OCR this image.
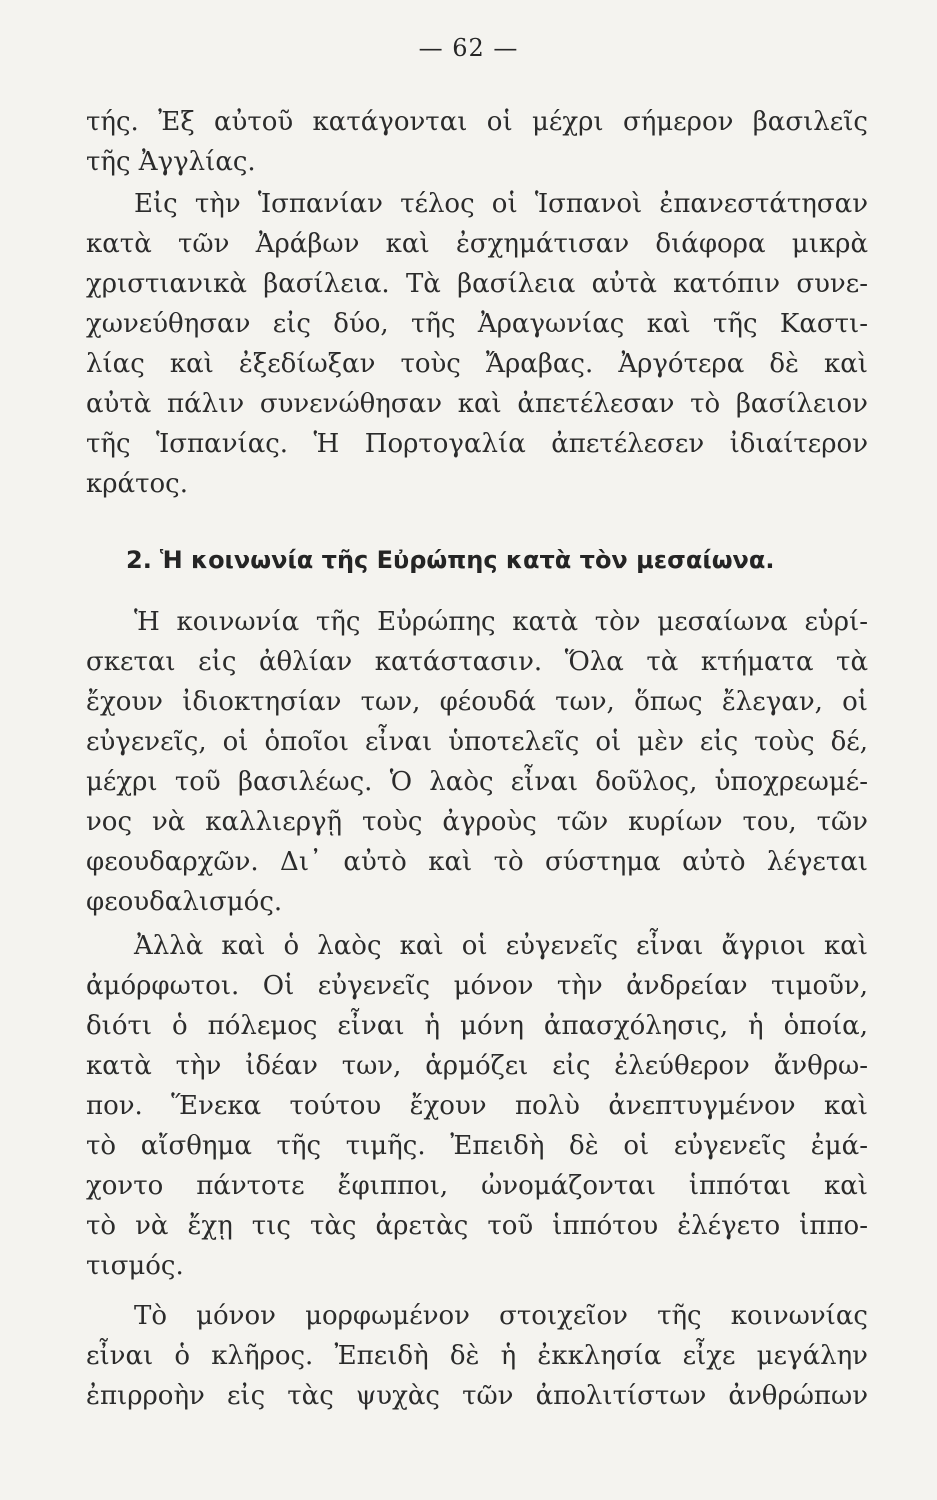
— 62 —
τής. Ἐξ αὐτοῦ κατάγονται οἱ μέχρι σήμερον βασιλεῖς
τῆς Ἀγγλίας.
Εἰς τὴν Ἱσπανίαν τέλος οἱ Ἱσπανοὶ ἐπανεστάτησαν
κατὰ τῶν Ἀράβων καὶ ἐσχημάτισαν διάφορα μικρὰ
χριστιανικὰ βασίλεια. Τὰ βασίλεια αὐτὰ κατόπιν συνε-
χωνεύθησαν εἰς δύο, τῆς Ἀραγωνίας καὶ τῆς Καστι-
λίας καὶ ἐξεδίωξαν τοὺς Ἄραβας. Ἀργότερα δὲ καὶ
αὐτὰ πάλιν συνενώθησαν καὶ ἀπετέλεσαν τὸ βασίλειον
τῆς Ἱσπανίας. Ἡ Πορτογαλία ἀπετέλεσεν ἰδιαίτερον
κράτος.
2. Ἡ κοινωνία τῆς Εὐρώπης κατὰ τὸν μεσαίωνα.
Ἡ κοινωνία τῆς Εὐρώπης κατὰ τὸν μεσαίωνα εὑρί-
σκεται εἰς ἀθλίαν κατάστασιν. Ὅλα τὰ κτήματα τὰ
ἔχουν ἰδιοκτησίαν των, φέουδά των, ὅπως ἔλεγαν, οἱ
εὐγενεῖς, οἱ ὁποῖοι εἶναι ὑποτελεῖς οἱ μὲν εἰς τοὺς δέ,
μέχρι τοῦ βασιλέως. Ὁ λαὸς εἶναι δοῦλος, ὑποχρεωμέ-
νος νὰ καλλιεργῇ τοὺς ἀγροὺς τῶν κυρίων του, τῶν
φεουδαρχῶν. Δι᾽ αὐτὸ καὶ τὸ σύστημα αὐτὸ λέγεται
φεουδαλισμός.
Ἀλλὰ καὶ ὁ λαὸς καὶ οἱ εὐγενεῖς εἶναι ἄγριοι καὶ
ἀμόρφωτοι. Οἱ εὐγενεῖς μόνον τὴν ἀνδρείαν τιμοῦν,
διότι ὁ πόλεμος εἶναι ἡ μόνη ἀπασχόλησις, ἡ ὁποία,
κατὰ τὴν ἰδέαν των, ἁρμόζει εἰς ἐλεύθερον ἄνθρω-
πον. Ἕνεκα τούτου ἔχουν πολὺ ἀνεπτυγμένον καὶ
τὸ αἴσθημα τῆς τιμῆς. Ἐπειδὴ δὲ οἱ εὐγενεῖς ἐμά-
χοντο πάντοτε ἔφιπποι, ὠνομάζονται ἱππόται καὶ
τὸ νὰ ἔχῃ τις τὰς ἀρετὰς τοῦ ἱππότου ἐλέγετο ἱππο-
τισμός.
Τὸ μόνον μορφωμένον στοιχεῖον τῆς κοινωνίας
εἶναι ὁ κλῆρος. Ἐπειδὴ δὲ ἡ ἐκκλησία εἶχε μεγάλην
ἐπιρροὴν εἰς τὰς ψυχὰς τῶν ἀπολιτίστων ἀνθρώπων
